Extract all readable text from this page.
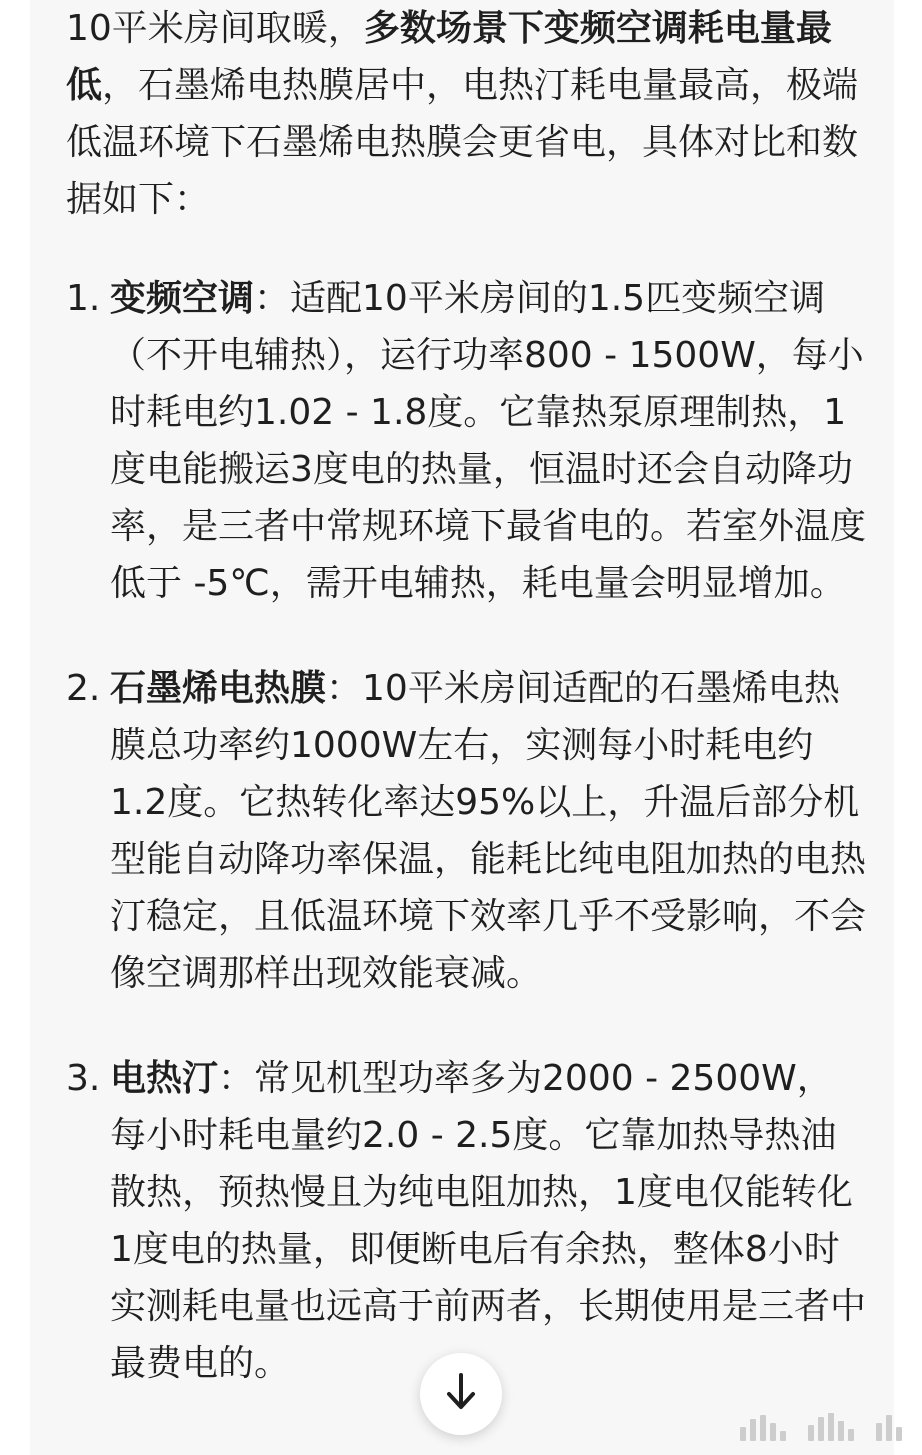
10平米房间取暖，多数场景下变频空调耗电量最低，石墨烯电热膜居中，电热汀耗电量最高，极端低温环境下石墨烯电热膜会更省电，具体对比和数据如下：

1. 变频空调：适配10平米房间的1.5匹变频空调（不开电辅热），运行功率800 - 1500W，每小时耗电约1.02 - 1.8度。它靠热泵原理制热，1度电能搬运3度电的热量，恒温时还会自动降功率，是三者中常规环境下最省电的。若室外温度低于 -5℃，需开电辅热，耗电量会明显增加。
2. 石墨烯电热膜：10平米房间适配的石墨烯电热膜总功率约1000W左右，实测每小时耗电约1.2度。它热转化率达95%以上，升温后部分机型能自动降功率保温，能耗比纯电阻加热的电热汀稳定，且低温环境下效率几乎不受影响，不会像空调那样出现效能衰减。
3. 电热汀：常见机型功率多为2000 - 2500W，每小时耗电量约2.0 - 2.5度。它靠加热导热油散热，预热慢且为纯电阻加热，1度电仅能转化1度电的热量，即便断电后有余热，整体8小时实测耗电量也远高于前两者，长期使用是三者中最费电的。
